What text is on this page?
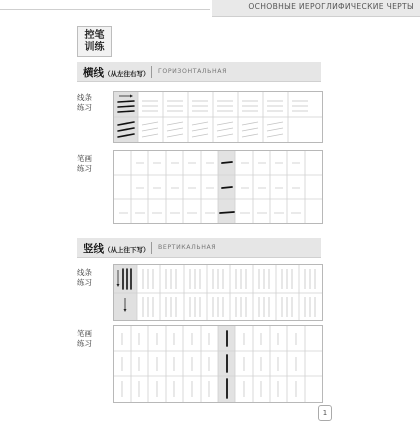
ОСНОВНЫЕ ИЕРОГЛИФИЧЕСКИЕ ЧЕРТЫ
控笔
训练
横线（从左往右写） ГОРИЗОНТАЛЬНАЯ
线条
练习
笔画
练习
竖线（从上往下写） ВЕРТИКАЛЬНАЯ
线条
练习
笔画
练习
1
